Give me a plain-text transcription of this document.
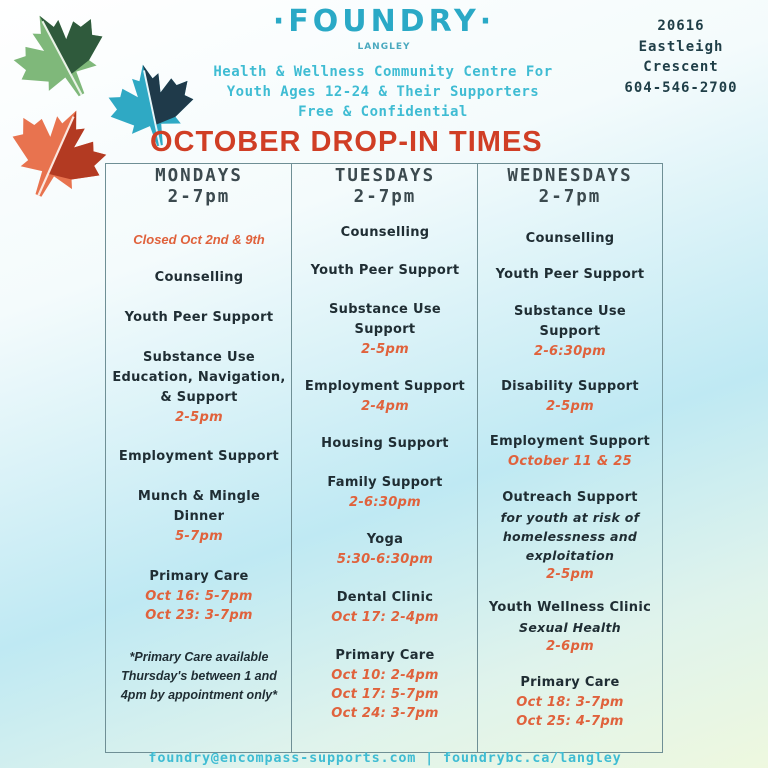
·FOUNDRY·
LANGLEY
Health & Wellness Community Centre For
Youth Ages 12-24 & Their Supporters
Free & Confidential
20616
Eastleigh
Crescent
604-546-2700
OCTOBER DROP-IN TIMES
MONDAYS
2-7pm
Closed Oct 2nd & 9th
Counselling
Youth Peer Support
Substance Use
Education, Navigation,
& Support
2-5pm
Employment Support
Munch & Mingle
Dinner
5-7pm
Primary Care
Oct 16: 5-7pm
Oct 23: 3-7pm
*Primary Care available
Thursday's between 1 and
4pm by appointment only*
TUESDAYS
2-7pm
Counselling
Youth Peer Support
Substance Use
Support
2-5pm
Employment Support
2-4pm
Housing Support
Family Support
2-6:30pm
Yoga
5:30-6:30pm
Dental Clinic
Oct 17: 2-4pm
Primary Care
Oct 10: 2-4pm
Oct 17: 5-7pm
Oct 24: 3-7pm
WEDNESDAYS
2-7pm
Counselling
Youth Peer Support
Substance Use
Support
2-6:30pm
Disability Support
2-5pm
Employment Support
October 11 & 25
Outreach Support
for youth at risk of
homelessness and
exploitation
2-5pm
Youth Wellness Clinic
Sexual Health
2-6pm
Primary Care
Oct 18: 3-7pm
Oct 25: 4-7pm
foundry@encompass-supports.com | foundrybc.ca/langley
